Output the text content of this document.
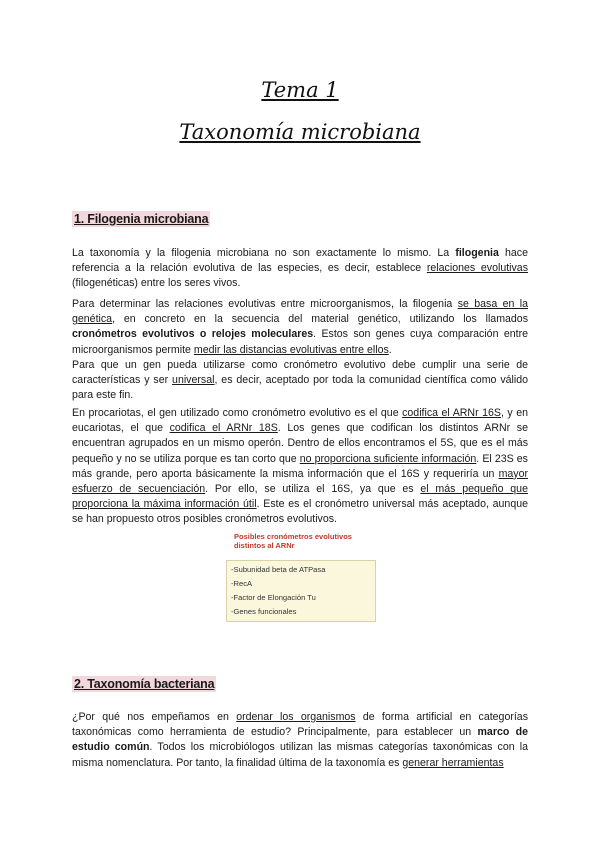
Tema 1
Taxonomía microbiana
1. Filogenia microbiana

La taxonomía y la filogenia microbiana no son exactamente lo mismo. La filogenia hace referencia a la relación evolutiva de las especies, es decir, establece relaciones evolutivas (filogenéticas) entre los seres vivos.

Para determinar las relaciones evolutivas entre microorganismos, la filogenia se basa en la genética, en concreto en la secuencia del material genético, utilizando los llamados cronómetros evolutivos o relojes moleculares. Estos son genes cuya comparación entre microorganismos permite medir las distancias evolutivas entre ellos.

Para que un gen pueda utilizarse como cronómetro evolutivo debe cumplir una serie de características y ser universal, es decir, aceptado por toda la comunidad científica como válido para este fin.

En procariotas, el gen utilizado como cronómetro evolutivo es el que codifica el ARNr 16S, y en eucariotas, el que codifica el ARNr 18S. Los genes que codifican los distintos ARNr se encuentran agrupados en un mismo operón. Dentro de ellos encontramos el 5S, que es el más pequeño y no se utiliza porque es tan corto que no proporciona suficiente información. El 23S es más grande, pero aporta básicamente la misma información que el 16S y requeriría un mayor esfuerzo de secuenciación. Por ello, se utiliza el 16S, ya que es el más pequeño que proporciona la máxima información útil. Este es el cronómetro universal más aceptado, aunque se han propuesto otros posibles cronómetros evolutivos.

Posibles cronómetros evolutivos distintos al ARNr
-Subunidad beta de ATPasa
-RecA
-Factor de Elongación Tu
-Genes funcionales
2. Taxonomía bacteriana

¿Por qué nos empeñamos en ordenar los organismos de forma artificial en categorías taxonómicas como herramienta de estudio? Principalmente, para establecer un marco de estudio común. Todos los microbiólogos utilizan las mismas categorías taxonómicas con la misma nomenclatura. Por tanto, la finalidad última de la taxonomía es generar herramientas
